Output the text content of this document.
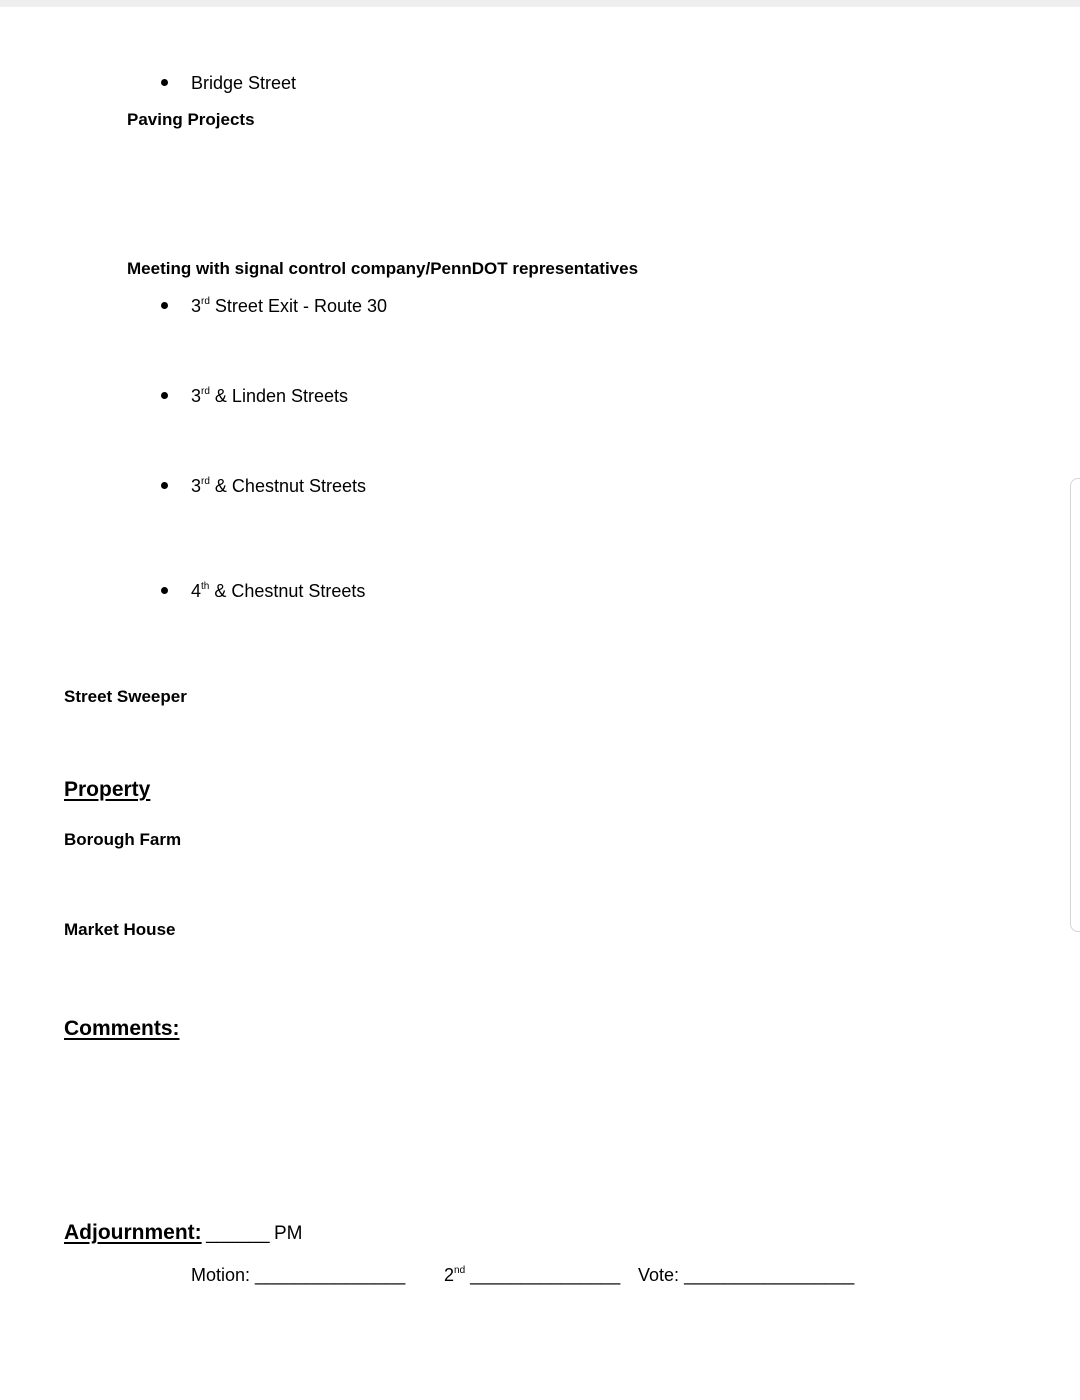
Bridge Street
Paving Projects
Meeting with signal control company/PennDOT representatives
3rd Street Exit - Route 30
3rd & Linden Streets
3rd & Chestnut Streets
4th & Chestnut Streets
Street Sweeper
Property
Borough Farm
Market House
Comments:
Adjournment: ______ PM
Motion: _______________ 2nd _______________ Vote: _________________
